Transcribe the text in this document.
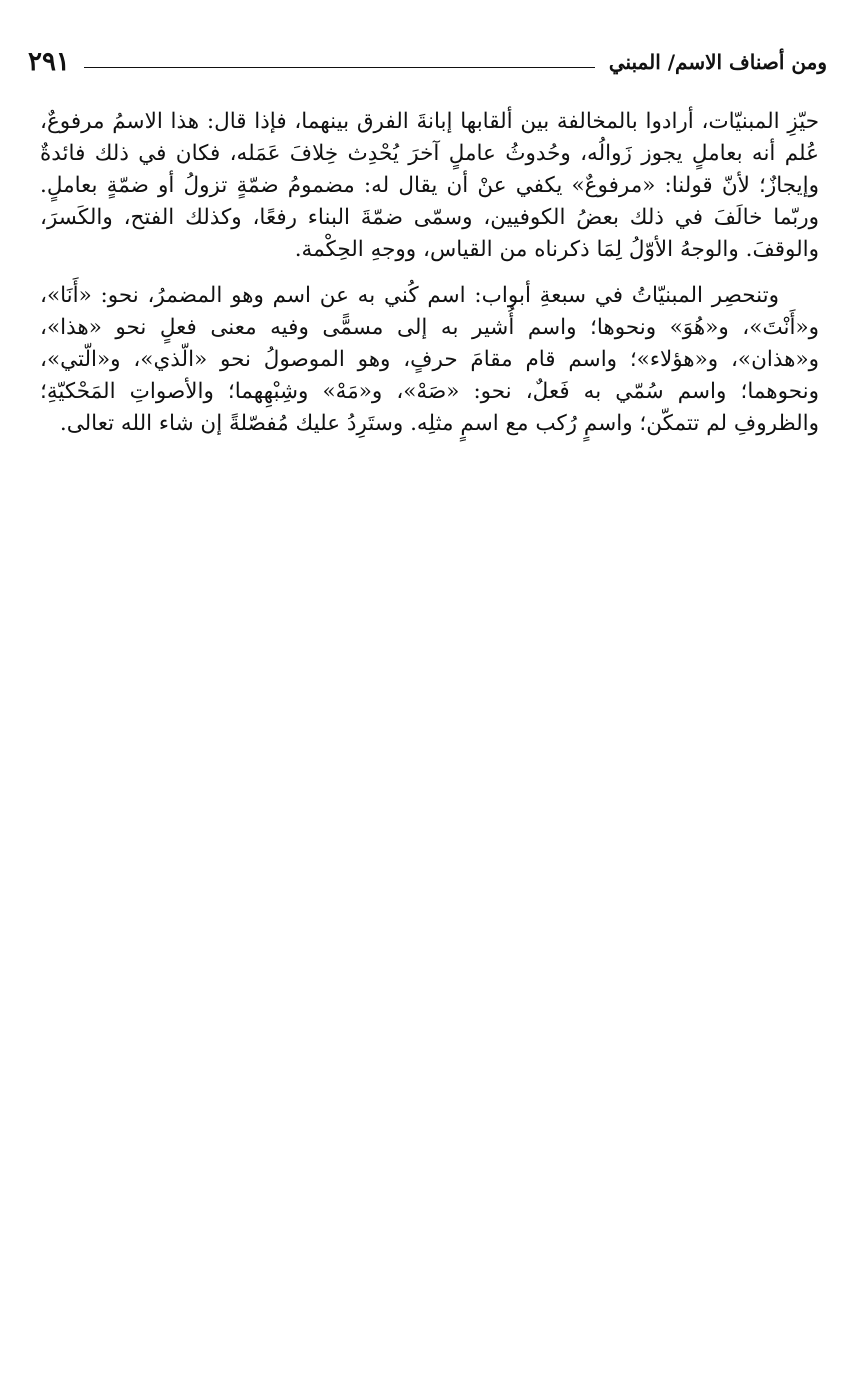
ومن أصناف الاسم/ المبني
٢٩١

حيّزِ المبنيّات، أرادوا بالمخالفة بين ألقابها إبانةَ الفرق بينهما، فإذا قال: هذا الاسمُ مرفوعٌ، عُلم أنه بعاملٍ يجوز زَوالُه، وحُدوثُ عاملٍ آخرَ يُحْدِث خِلافَ عَمَله، فكان في ذلك فائدةٌ وإيجازٌ؛ لأنّ قولنا: «مرفوعٌ» يكفي عنْ أن يقال له: مضمومُ ضمّةٍ تزولُ أو ضمّةٍ بعاملٍ. وربّما خالَفَ في ذلك بعضُ الكوفيين، وسمّى ضمّةَ البناء رفعًا، وكذلك الفتح، والكَسرَ، والوقفَ. والوجهُ الأوّلُ لِمَا ذكرناه من القياس، ووجهِ الحِكْمة.

وتنحصِر المبنيّاتُ في سبعةِ أبواب: اسم كُني به عن اسم وهو المضمرُ، نحو: «أَنَا»، و«أَنْتَ»، و«هُوَ» ونحوها؛ واسم أُشير به إلى مسمًّى وفيه معنى فعلٍ نحو «هذا»، و«هذان»، و«هؤلاء»؛ واسم قام مقامَ حرفٍ، وهو الموصولُ نحو «الّذي»، و«الّتي»، ونحوهما؛ واسم سُمّي به فَعلٌ، نحو: «صَهْ»، و«مَهْ» وشِبْهِهما؛ والأصواتِ المَحْكيّةِ؛ والظروفِ لم تتمكّن؛ واسمٍ رُكب مع اسمٍ مثلِه. وستَرِدُ عليك مُفصّلةً إن شاء الله تعالى.
